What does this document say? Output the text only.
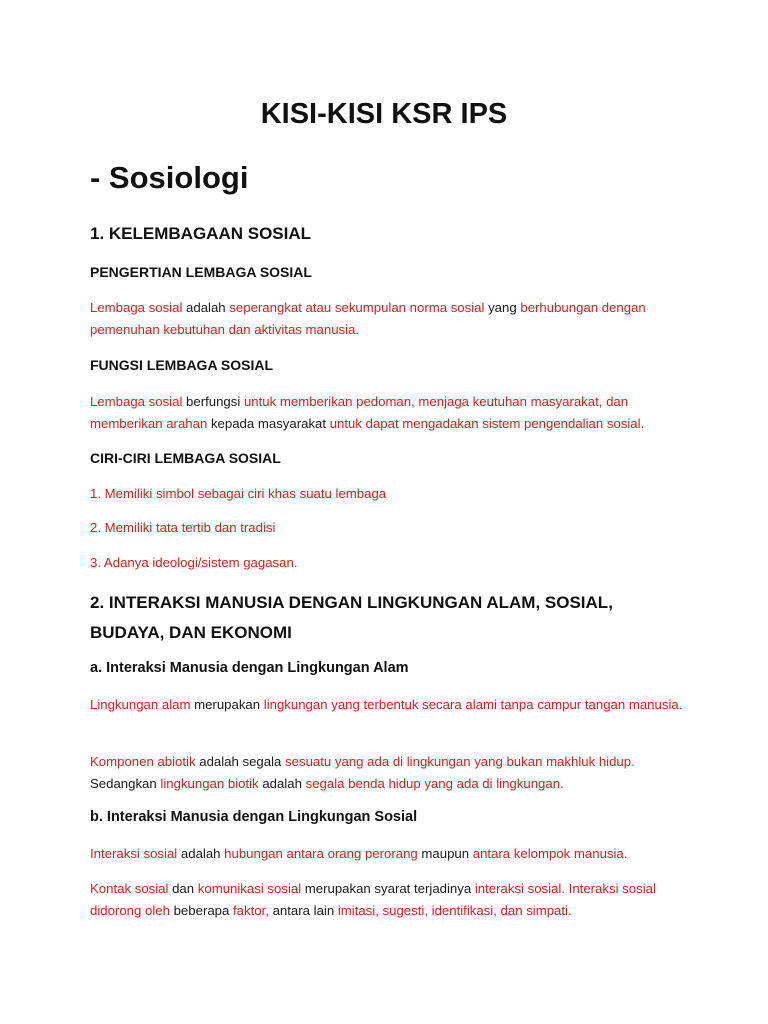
KISI-KISI KSR IPS
- Sosiologi
1. KELEMBAGAAN SOSIAL
PENGERTIAN LEMBAGA SOSIAL

Lembaga sosial adalah seperangkat atau sekumpulan norma sosial yang berhubungan dengan pemenuhan kebutuhan dan aktivitas manusia.

FUNGSI LEMBAGA SOSIAL

Lembaga sosial berfungsi untuk memberikan pedoman, menjaga keutuhan masyarakat, dan memberikan arahan kepada masyarakat untuk dapat mengadakan sistem pengendalian sosial.

CIRI-CIRI LEMBAGA SOSIAL

1. Memiliki simbol sebagai ciri khas suatu lembaga

2. Memiliki tata tertib dan tradisi

3. Adanya ideologi/sistem gagasan.

2. INTERAKSI MANUSIA DENGAN LINGKUNGAN ALAM, SOSIAL, BUDAYA, DAN EKONOMI
a. Interaksi Manusia dengan Lingkungan Alam

Lingkungan alam merupakan lingkungan yang terbentuk secara alami tanpa campur tangan manusia.

Komponen abiotik adalah segala sesuatu yang ada di lingkungan yang bukan makhluk hidup. Sedangkan lingkungan biotik adalah segala benda hidup yang ada di lingkungan.

b. Interaksi Manusia dengan Lingkungan Sosial

Interaksi sosial adalah hubungan antara orang perorang maupun antara kelompok manusia.

Kontak sosial dan komunikasi sosial merupakan syarat terjadinya interaksi sosial. Interaksi sosial didorong oleh beberapa faktor, antara lain imitasi, sugesti, identifikasi, dan simpati.
